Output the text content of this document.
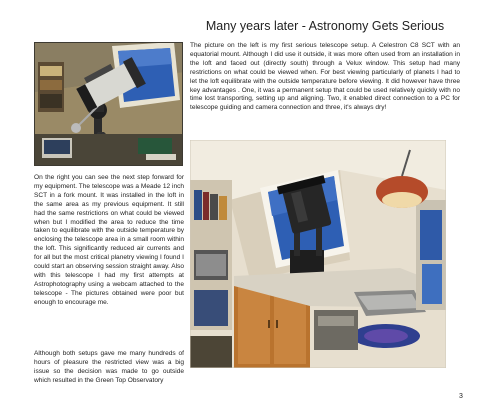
Many years later - Astronomy Gets Serious

The picture on the left is my first serious telescope setup. A Celestron C8 SCT with an equatorial mount. Although I did use it outside, it was more often used from an installation in the loft and faced out (directly south) through a Velux window. This setup had many restrictions on what could be viewed when. For best viewing particularly of planets I had to let the loft equilibrate with the outside temperature before viewing. It did however have three key advantages . One, it was a permanent setup that could be used relatively quickly with no time lost transporting, setting up and aligning. Two, it enabled direct connection to a PC for telescope guiding and camera connection and three, it's always dry!

On the right you can see the next step forward for my equipment. The telescope was a Meade 12 inch SCT in a fork mount. It was installed in the loft in the same area as my previous equipment. It still had the same restrictions on what could be viewed when but I modified the area to reduce the time taken to equilibrate with the outside temperature by enclosing the telescope area in a small room within the loft. This significantly reduced air currents and for all but the most critical planetry viewing I found I could start an observing session straight away. Also with this telescope I had my first attempts at Astrophotography using a webcam attached to the telescope - The pictures obtained were poor but enough to encourage me.

Although both setups gave me many hundreds of hours of pleasure the restricted view was a big issue so the decision was made to go outside which resulted in the Green Top Observatory

3
